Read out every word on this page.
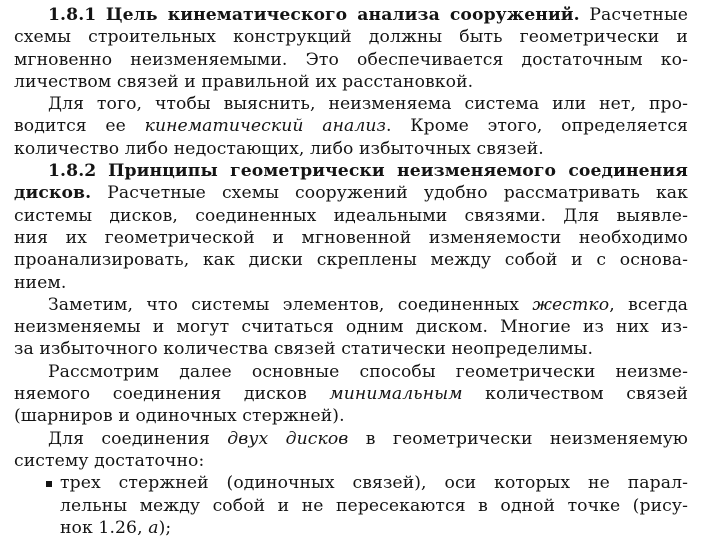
1.8.1 Цель кинематического анализа сооружений. Расчетные
схемы строительных конструкций должны быть геометрически и
мгновенно неизменяемыми. Это обеспечивается достаточным ко-
личеством связей и правильной их расстановкой.
Для того, чтобы выяснить, неизменяема система или нет, про-
водится ее кинематический анализ. Кроме этого, определяется
количество либо недостающих, либо избыточных связей.
1.8.2 Принципы геометрически неизменяемого соединения
дисков. Расчетные схемы сооружений удобно рассматривать как
системы дисков, соединенных идеальными связями. Для выявле-
ния их геометрической и мгновенной изменяемости необходимо
проанализировать, как диски скреплены между собой и с основа-
нием.
Заметим, что системы элементов, соединенных жестко, всегда
неизменяемы и могут считаться одним диском. Многие из них из-
за избыточного количества связей статически неопределимы.
Рассмотрим далее основные способы геометрически неизме-
няемого соединения дисков минимальным количеством связей
(шарниров и одиночных стержней).
Для соединения двух дисков в геометрически неизменяемую
систему достаточно:
трех стержней (одиночных связей), оси которых не парал-
лельны между собой и не пересекаются в одной точке (рису-
нок 1.26, а);
